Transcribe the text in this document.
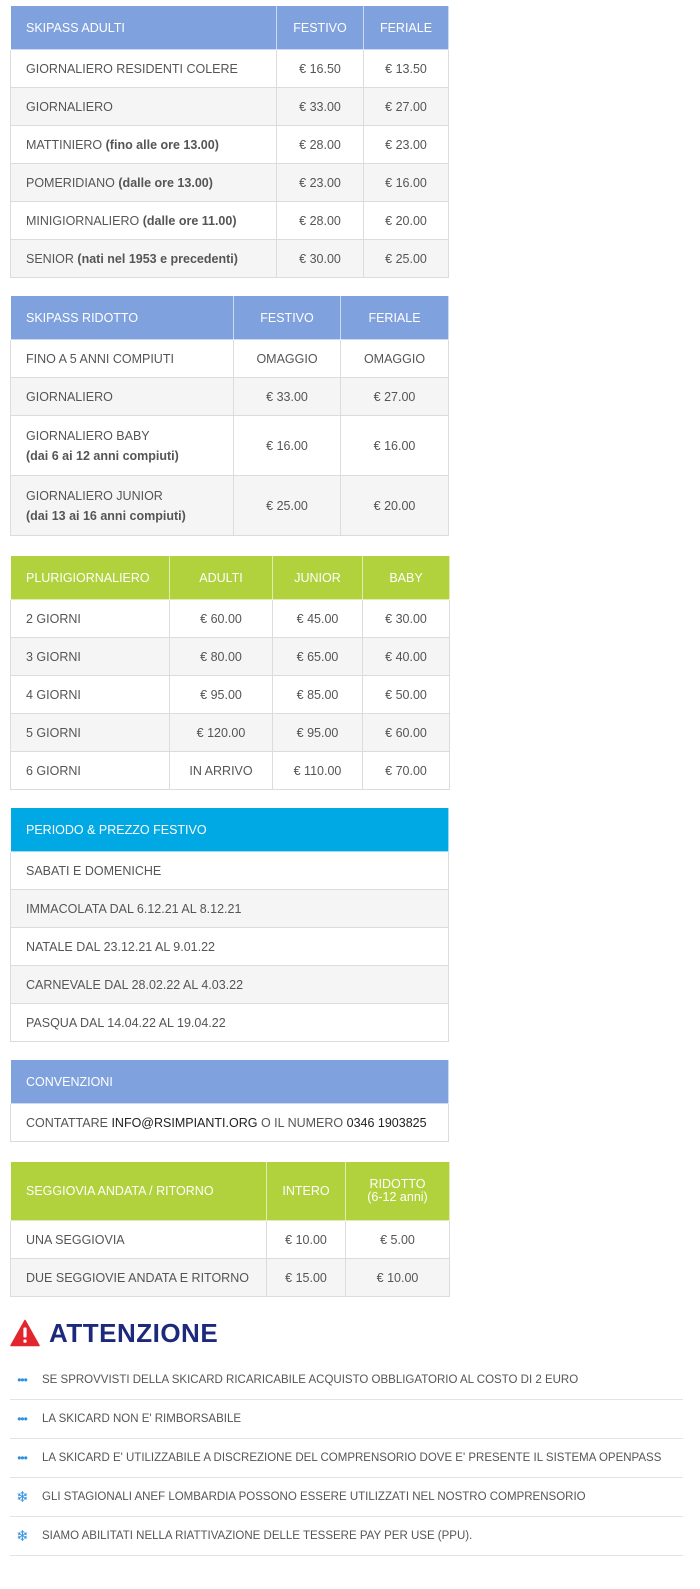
SKIPASS ADULTI	FESTIVO	FERIALE
GIORNALIERO RESIDENTI COLERE	€ 16.50	€ 13.50
GIORNALIERO	€ 33.00	€ 27.00
MATTINIERO (fino alle ore 13.00)	€ 28.00	€ 23.00
POMERIDIANO (dalle ore 13.00)	€ 23.00	€ 16.00
MINIGIORNALIERO (dalle ore 11.00)	€ 28.00	€ 20.00
SENIOR (nati nel 1953 e precedenti)	€ 30.00	€ 25.00
SKIPASS RIDOTTO	FESTIVO	FERIALE
FINO A 5 ANNI COMPIUTI	OMAGGIO	OMAGGIO
GIORNALIERO	€ 33.00	€ 27.00
GIORNALIERO BABY
(dai 6 ai 12 anni compiuti)	€ 16.00	€ 16.00
GIORNALIERO JUNIOR
(dai 13 ai 16 anni compiuti)	€ 25.00	€ 20.00
PLURIGIORNALIERO	ADULTI	JUNIOR	BABY
2 GIORNI	€ 60.00	€ 45.00	€ 30.00
3 GIORNI	€ 80.00	€ 65.00	€ 40.00
4 GIORNI	€ 95.00	€ 85.00	€ 50.00
5 GIORNI	€ 120.00	€ 95.00	€ 60.00
6 GIORNI	IN ARRIVO	€ 110.00	€ 70.00
PERIODO & PREZZO FESTIVO
SABATI E DOMENICHE
IMMACOLATA DAL 6.12.21 AL 8.12.21
NATALE DAL 23.12.21 AL 9.01.22
CARNEVALE DAL 28.02.22 AL 4.03.22
PASQUA DAL 14.04.22 AL 19.04.22
CONVENZIONI
CONTATTARE INFO@RSIMPIANTI.ORG O IL NUMERO 0346 1903825
SEGGIOVIA ANDATA / RITORNO	INTERO	RIDOTTO
(6-12 anni)
UNA SEGGIOVIA	€ 10.00	€ 5.00
DUE SEGGIOVIE ANDATA E RITORNO	€ 15.00	€ 10.00
ATTENZIONE
•••	SE SPROVVISTI DELLA SKICARD RICARICABILE ACQUISTO OBBLIGATORIO AL COSTO DI 2 EURO
•••	LA SKICARD NON E' RIMBORSABILE
•••	LA SKICARD E' UTILIZZABILE A DISCREZIONE DEL COMPRENSORIO DOVE E' PRESENTE IL SISTEMA OPENPASS
❄ GLI STAGIONALI ANEF LOMBARDIA POSSONO ESSERE UTILIZZATI NEL NOSTRO COMPRENSORIO
❄ SIAMO ABILITATI NELLA RIATTIVAZIONE DELLE TESSERE PAY PER USE (PPU).
